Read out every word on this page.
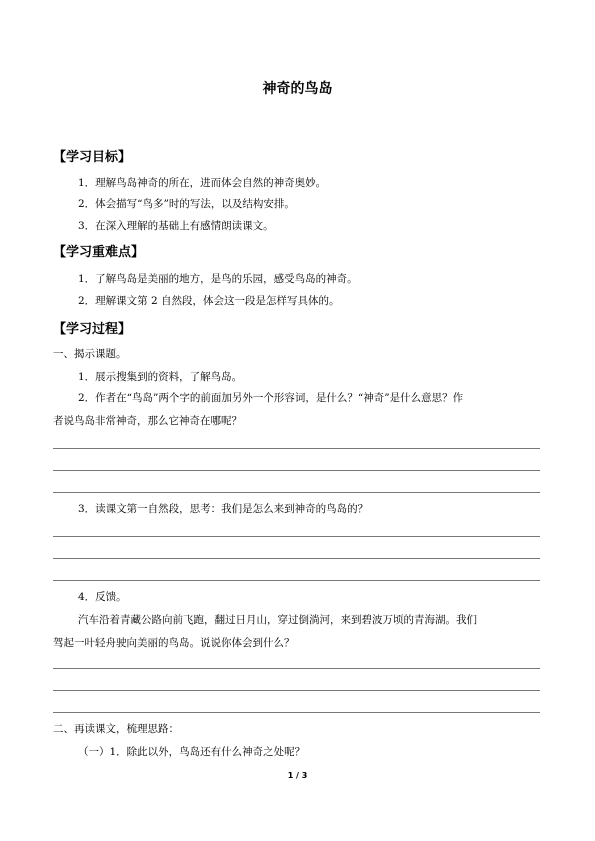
神奇的鸟岛
【学习目标】
1．理解鸟岛神奇的所在，进而体会自然的神奇奥妙。
2．体会描写“鸟多”时的写法，以及结构安排。
3．在深入理解的基础上有感情朗读课文。
【学习重难点】
1．了解鸟岛是美丽的地方，是鸟的乐园，感受鸟岛的神奇。
2．理解课文第 2 自然段，体会这一段是怎样写具体的。
【学习过程】
一、揭示课题。
1．展示搜集到的资料，了解鸟岛。
2．作者在“鸟岛”两个字的前面加另外一个形容词，是什么？“神奇”是什么意思？作
者说鸟岛非常神奇，那么它神奇在哪呢？
3．读课文第一自然段，思考：我们是怎么来到神奇的鸟岛的？
4．反馈。
汽车沿着青藏公路向前飞跑，翻过日月山，穿过倒淌河，来到碧波万顷的青海湖。我们
驾起一叶轻舟驶向美丽的鸟岛。说说你体会到什么？
二、再读课文，梳理思路：
（一）1．除此以外，鸟岛还有什么神奇之处呢？
1 / 3
